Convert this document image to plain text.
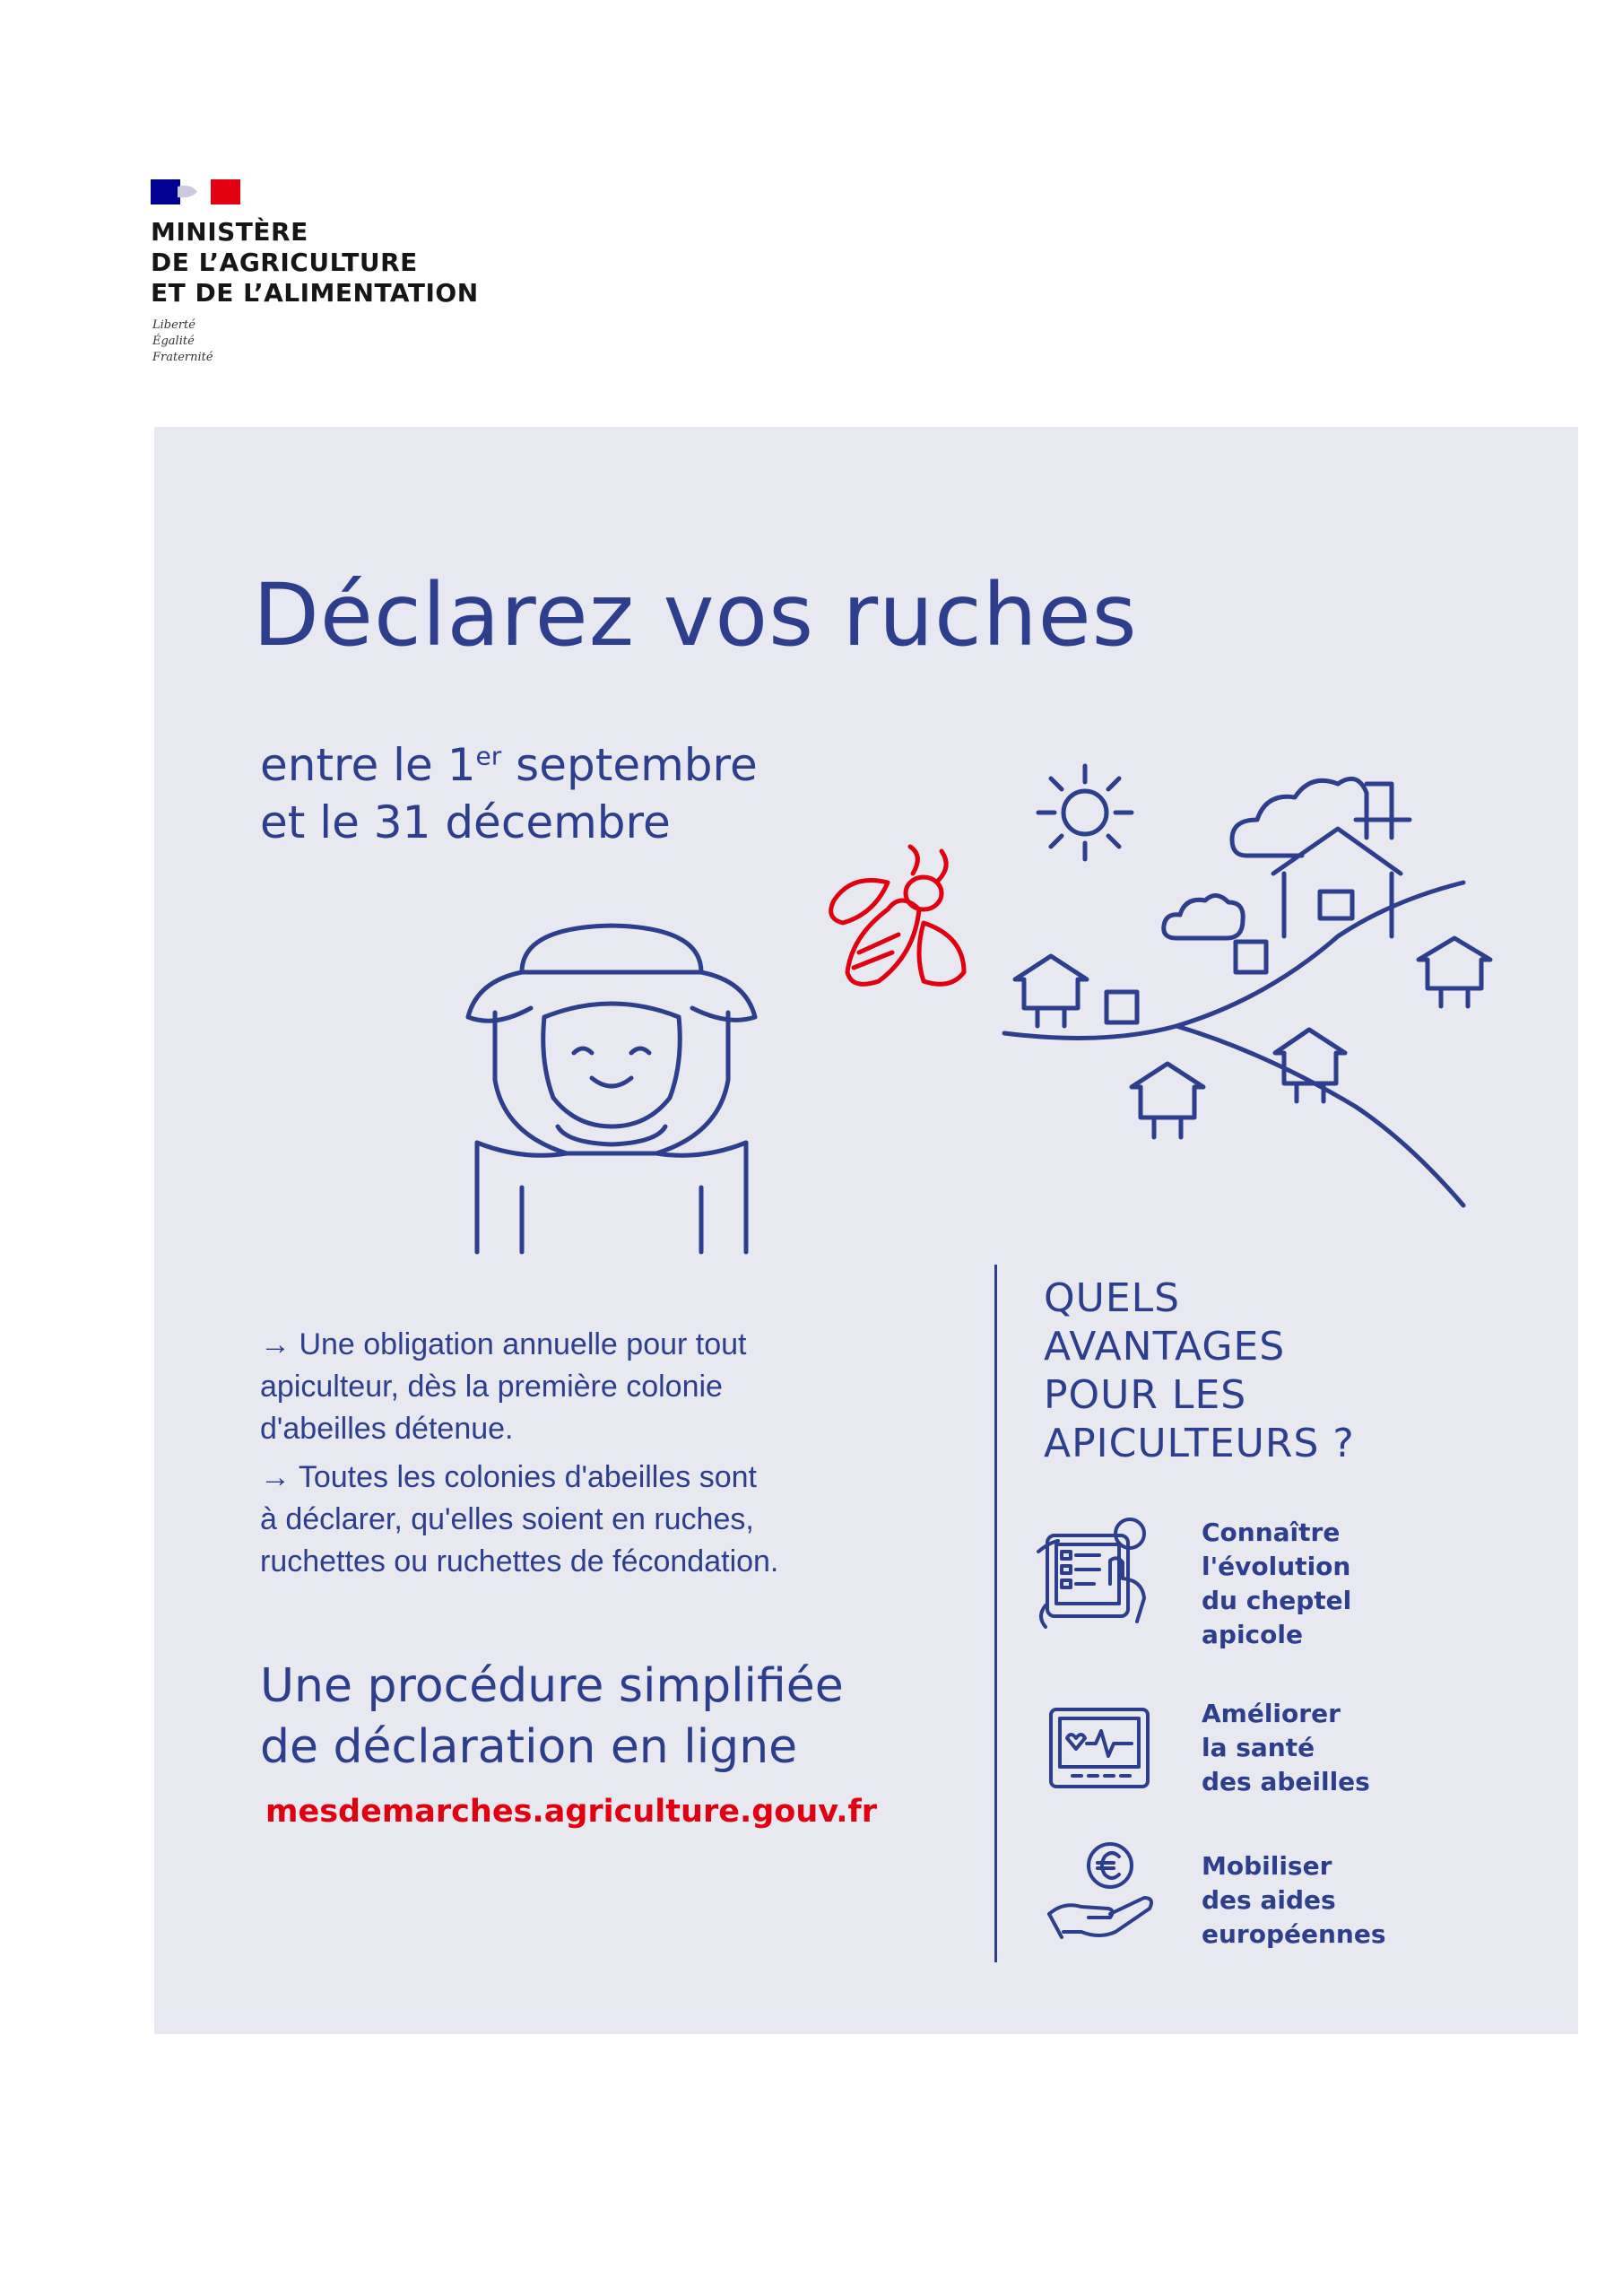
MINISTÈRE
DE L’AGRICULTURE
ET DE L’ALIMENTATION
Liberté
Égalité
Fraternité
Déclarez vos ruches
entre le 1er septembre
et le 31 décembre
→ Une obligation annuelle pour tout
apiculteur, dès la première colonie
d'abeilles détenue.
→ Toutes les colonies d'abeilles sont
à déclarer, qu'elles soient en ruches,
ruchettes ou ruchettes de fécondation.
Une procédure simplifiée
de déclaration en ligne
mesdemarches.agriculture.gouv.fr
QUELS
AVANTAGES
POUR LES
APICULTEURS ?
Connaître
l'évolution
du cheptel
apicole
Améliorer
la santé
des abeilles
Mobiliser
des aides
européennes
